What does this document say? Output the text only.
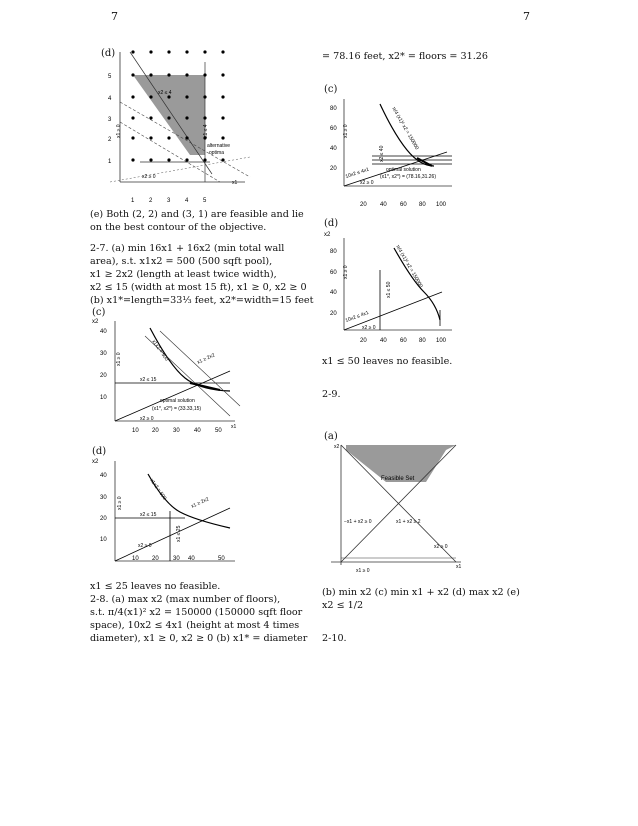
7	7
(d)
5
4
3
2
1
1 2 3 4 5
x1
x2 ≤ 4
x1 ≥ 0	x1 ≤ 4
alternative
optima
x2 ≥ 0
(e) Both (2, 2) and (3, 1) are feasible and lie
on the best contour of the objective.
2-7. (a) min 16x1 + 16x2 (min total wall
area), s.t. x1x2 = 500 (500 sqft pool),
x1 ≥ 2x2 (length at least twice width),
x2 ≤ 15 (width at most 15 ft), x1 ≥ 0, x2 ≥ 0
(b) x1*=length=33⅓ feet, x2*=width=15 feet
(c)
x2
40
30
20
10
10 20 30 40 50
x1
x1 ≥ 0	x1x2 = 500
x2 ≤ 15
optimal solution
(x1*, x2*) = (33.33,15)
x2 ≥ 0
x1 ≥ 2x2
(d)
x2
40
30
20
10
10 20	40	50
30
x1 ≥ 0
x1x2 = 500
x1 ≥ 2x2
x2 ≤ 15
x1 ≤ 25
x2 ≥ 0
x1 ≤ 25 leaves no feasible.
2-8. (a) max x2 (max number of floors),
s.t. π/4(x1)² x2 = 150000 (150000 sqft floor
space), 10x2 ≤ 4x1 (height at most 4 times
diameter), x1 ≥ 0, x2 ≥ 0 (b) x1* = diameter
= 78.16 feet, x2* = floors = 31.26
(c)
80
60
40
20
20 40 60 80 100
π/4 (x1)² x2 = 150000
x1 ≥ 0
x2 ≤ 40
optimal solution
(x1*, x2*) = (78.16,31.26)
x2 ≥ 0
10x2 ≤ 4x1
(d)
x2
80
60
40
20
20 40 60 80 100
π/4 (x1)² x2 = 150000
x1 ≥ 0
x1 ≤ 50
10x2 ≤ 4x1
x2 ≥ 0
x1 ≤ 50 leaves no feasible.
2-9.
(a)
Feasible Set
−x1 + x2 ≥ 0	x1 + x2 ≥ 2
x1 ≥ 0
x2 ≥ 0
x1
x2
(b) min x2 (c) min x1 + x2 (d) max x2 (e)
x2 ≤ 1/2
2-10.
